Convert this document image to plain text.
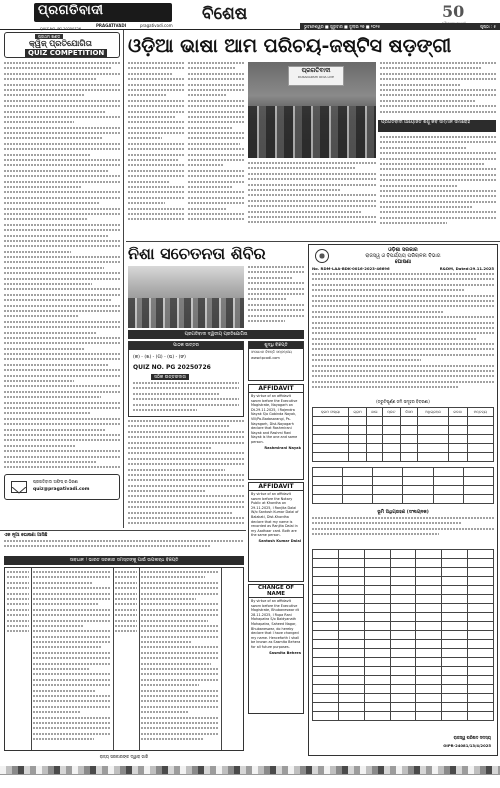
ପ୍ରଗତିବାଦୀ
PRAGATIVADI	pragativadi.com
ବିଶେଷ	50
ଭୁବନେଶ୍ୱର ■ ଗୁରୁବାର ■ ଜୁଲାଇ ୨୭ ■ ୨୦୨୫	ପୃଷ୍ଠା : ୫
ପ୍ରଥମ ଖଣ୍ଡ
କ୍ୱିଜ୍ ପ୍ରତିଯୋଗିତା
QUIZ COMPETITION
QUIZ NO. PG 20250726
ପ୍ରଗତିବାଦୀ ଅଫିସ୍ ର ଠିକଣା
quiz@pragativadi.com
ଓଡ଼ିଆ ଭାଷା ଆମ ପରିଚୟ-ଜଷ୍ଟିସ ଷଡ଼ଙ୍ଗୀ
ପ୍ରଗତିବାଦୀ
DURADARSHI ODIA LIVE
ପ୍ରଗତିବାଦୀ ଆୟୋଜିତ ଶିଶୁ କବି ସମ୍ମାନ ସମାରୋହ
ନିଶା ସଚେତନତା ଶିବିର
ପ୍ରଗତିବାଦୀ ଦ୍ୱିତୀୟ ପ୍ରତିଯୋଗିତା
ପାଠକ ଉତ୍ତର
(କ) - (ଖ) - (ଗ) - (ଘ) - (ଙ)
QUIZ NO. PG 20250726
ସଠିକ ଉତ୍ତରଦାତା
ଶୁଦ୍ଧି ବିଜ୍ଞପ୍ତି
ସଂଶୋଧନ ବିଜ୍ଞପ୍ତି ସମ୍ବନ୍ଧୀୟ
www.tpcodl.com
AFFIDAVIT
By virtue of an affidavit sworn before the Executive Magistrate, Nayagarh on Dt.29.11.2025, I Rajendra Nayak S/o Gobinda Nayak, Vill/Po-Badasarangi, Ps-Nayagarh, Dist-Nayagarh declare that Rashmirani Nayak and Rashmi Rani Nayak is the one and same person.
Rashmirani Nayak
AFFIDAVIT
By virtue of an affidavit sworn before the Notary Public at Khordha on 29.11.2025, I Ranjita Dalai W/o Santosh Kumar Dalai of Balakati, Dist-Khordha declare that my name is recorded as Ranjita Dalai in my Aadhaar card. Both are the same person.
Santosh Kumar Dalai
CHANGE OF NAME
By virtue of an affidavit sworn before the Executive Magistrate, Bhubaneswar dt 28.11.2025, I Rupa Rani Mohapatra S/o Baidyanath Mohapatra, Saheed Nagar, Bhubaneswar, do hereby declare that I have changed my name. Henceforth I shall be known as Sasmita Behera for all future purposes.
Sasmita Behera
ଓଡ଼ିଶା ସରକାର
ରାଜସ୍ୱ ଓ ବିପର୍ଯ୍ୟୟ ପରିଚାଳନା ବିଭାଗ
ଘୋଷଣା
No. RDM-LAA-BDK-0016-2023-46696	R&DM, Dated:29.11.2025
(ତ୍ରୁଟିପୂର୍ଣ୍ଣ ଜମି ସମୂହର ବିବରଣୀ)
କ୍ରମ ସଂଖ୍ୟା	ଗ୍ରାମ	ଖାତା	ପ୍ଲଟ	କିସମ	ଅଧିଗ୍ରହଣ	ରକବା	ମନ୍ତବ୍ୟ

ଭୂମି ଅଧିଗ୍ରହଣ (ସଂଲଗ୍ନକ)

ରାଜସ୍ୱ ପରିଷଦ ସଦସ୍ୟ
OIPR-24081/13/4/2025
ଏକ ନୂଆ ଘୋଷଣା ଆସିଛି
ସାବଧାନ ! ଭାରତ ସରକାର ସମସ୍ତଙ୍କୁ ପାଇଁ ଉପଲବ୍ଧ ବିଜ୍ଞପ୍ତି
ରାଜ୍ୟ ସରକାରଙ୍କ ଦ୍ୱାରା ଜାରି
